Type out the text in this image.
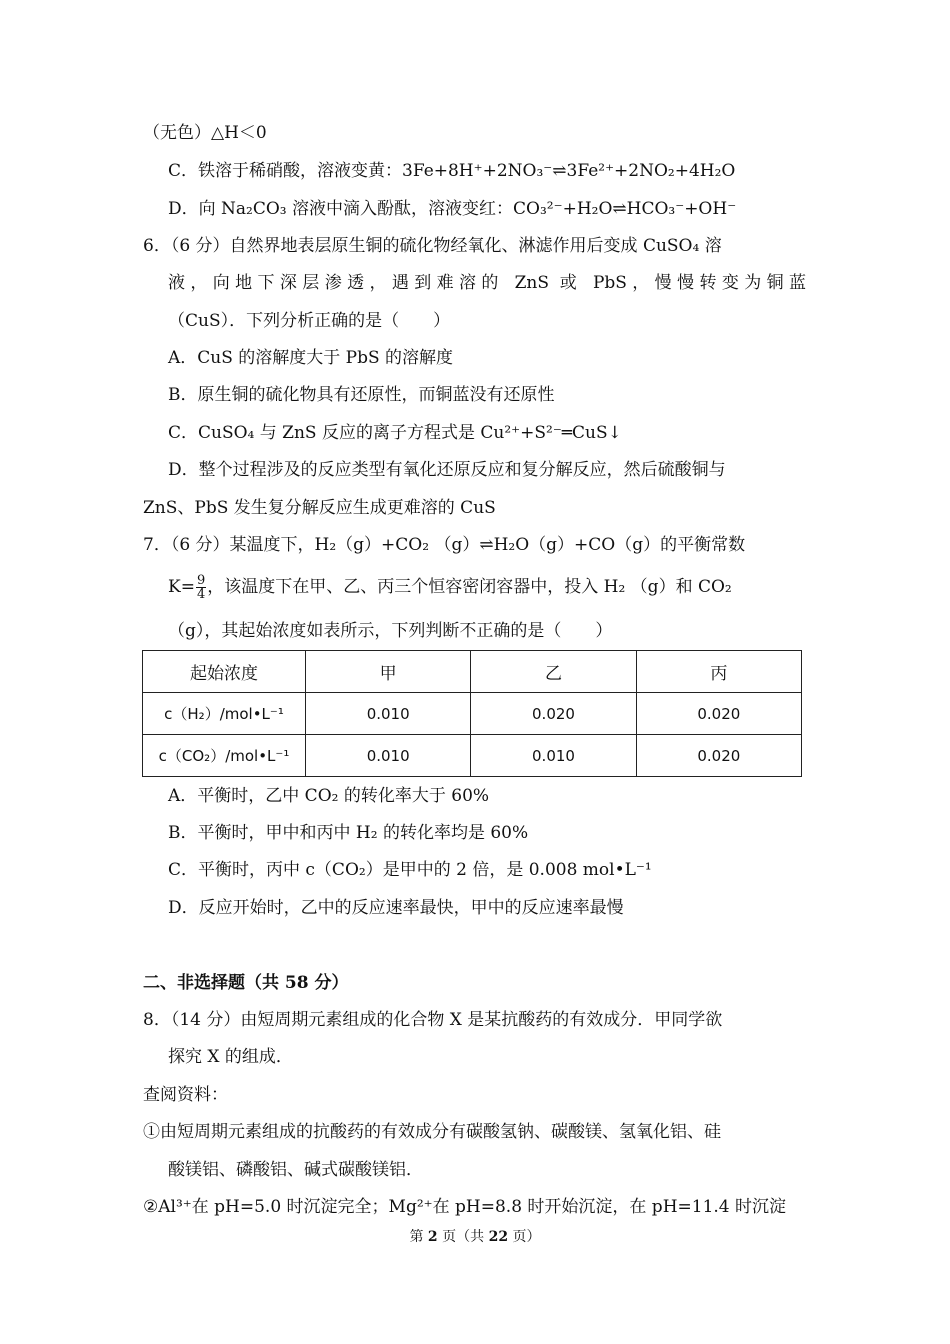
（无色）△H＜0
C．铁溶于稀硝酸，溶液变黄：3Fe+8H⁺+2NO₃⁻⇌3Fe²⁺+2NO₂+4H₂O
D．向 Na₂CO₃ 溶液中滴入酚酞，溶液变红：CO₃²⁻+H₂O⇌HCO₃⁻+OH⁻
6．（6 分）自然界地表层原生铜的硫化物经氧化、淋滤作用后变成 CuSO₄ 溶
液，向地下深层渗透，遇到难溶的 ZnS 或 PbS，慢慢转变为铜蓝
（CuS）．下列分析正确的是（　　）
A．CuS 的溶解度大于 PbS 的溶解度
B．原生铜的硫化物具有还原性，而铜蓝没有还原性
C．CuSO₄ 与 ZnS 反应的离子方程式是 Cu²⁺+S²⁻═CuS↓
D．整个过程涉及的反应类型有氧化还原反应和复分解反应，然后硫酸铜与
ZnS、PbS 发生复分解反应生成更难溶的 CuS
7．（6 分）某温度下，H₂（g）+CO₂ （g）⇌H₂O（g）+CO（g）的平衡常数
$K= \frac{9}{4}$ ，该温度下在甲、乙、丙三个恒容密闭容器中，投入 H₂ （g）和 CO₂
（g），其起始浓度如表所示，下列判断不正确的是（　　）
起始浓度	甲	乙	丙
c（H₂）/mol•L⁻¹	0.010	0.020	0.020
c（CO₂）/mol•L⁻¹	0.010	0.010	0.020
A．平衡时，乙中 CO₂ 的转化率大于 60%
B．平衡时，甲中和丙中 H₂ 的转化率均是 60%
C．平衡时，丙中 c（CO₂）是甲中的 2 倍，是 0.008 mol•L⁻¹
D．反应开始时，乙中的反应速率最快，甲中的反应速率最慢
二、非选择题（共 58 分）
8．（14 分）由短周期元素组成的化合物 X 是某抗酸药的有效成分．甲同学欲
探究 X 的组成．
查阅资料：
①由短周期元素组成的抗酸药的有效成分有碳酸氢钠、碳酸镁、氢氧化铝、硅
酸镁铝、磷酸铝、碱式碳酸镁铝．
②Al³⁺在 pH=5.0 时沉淀完全；Mg²⁺在 pH=8.8 时开始沉淀，在 pH=11.4 时沉淀
第 2 页（共 22 页）
